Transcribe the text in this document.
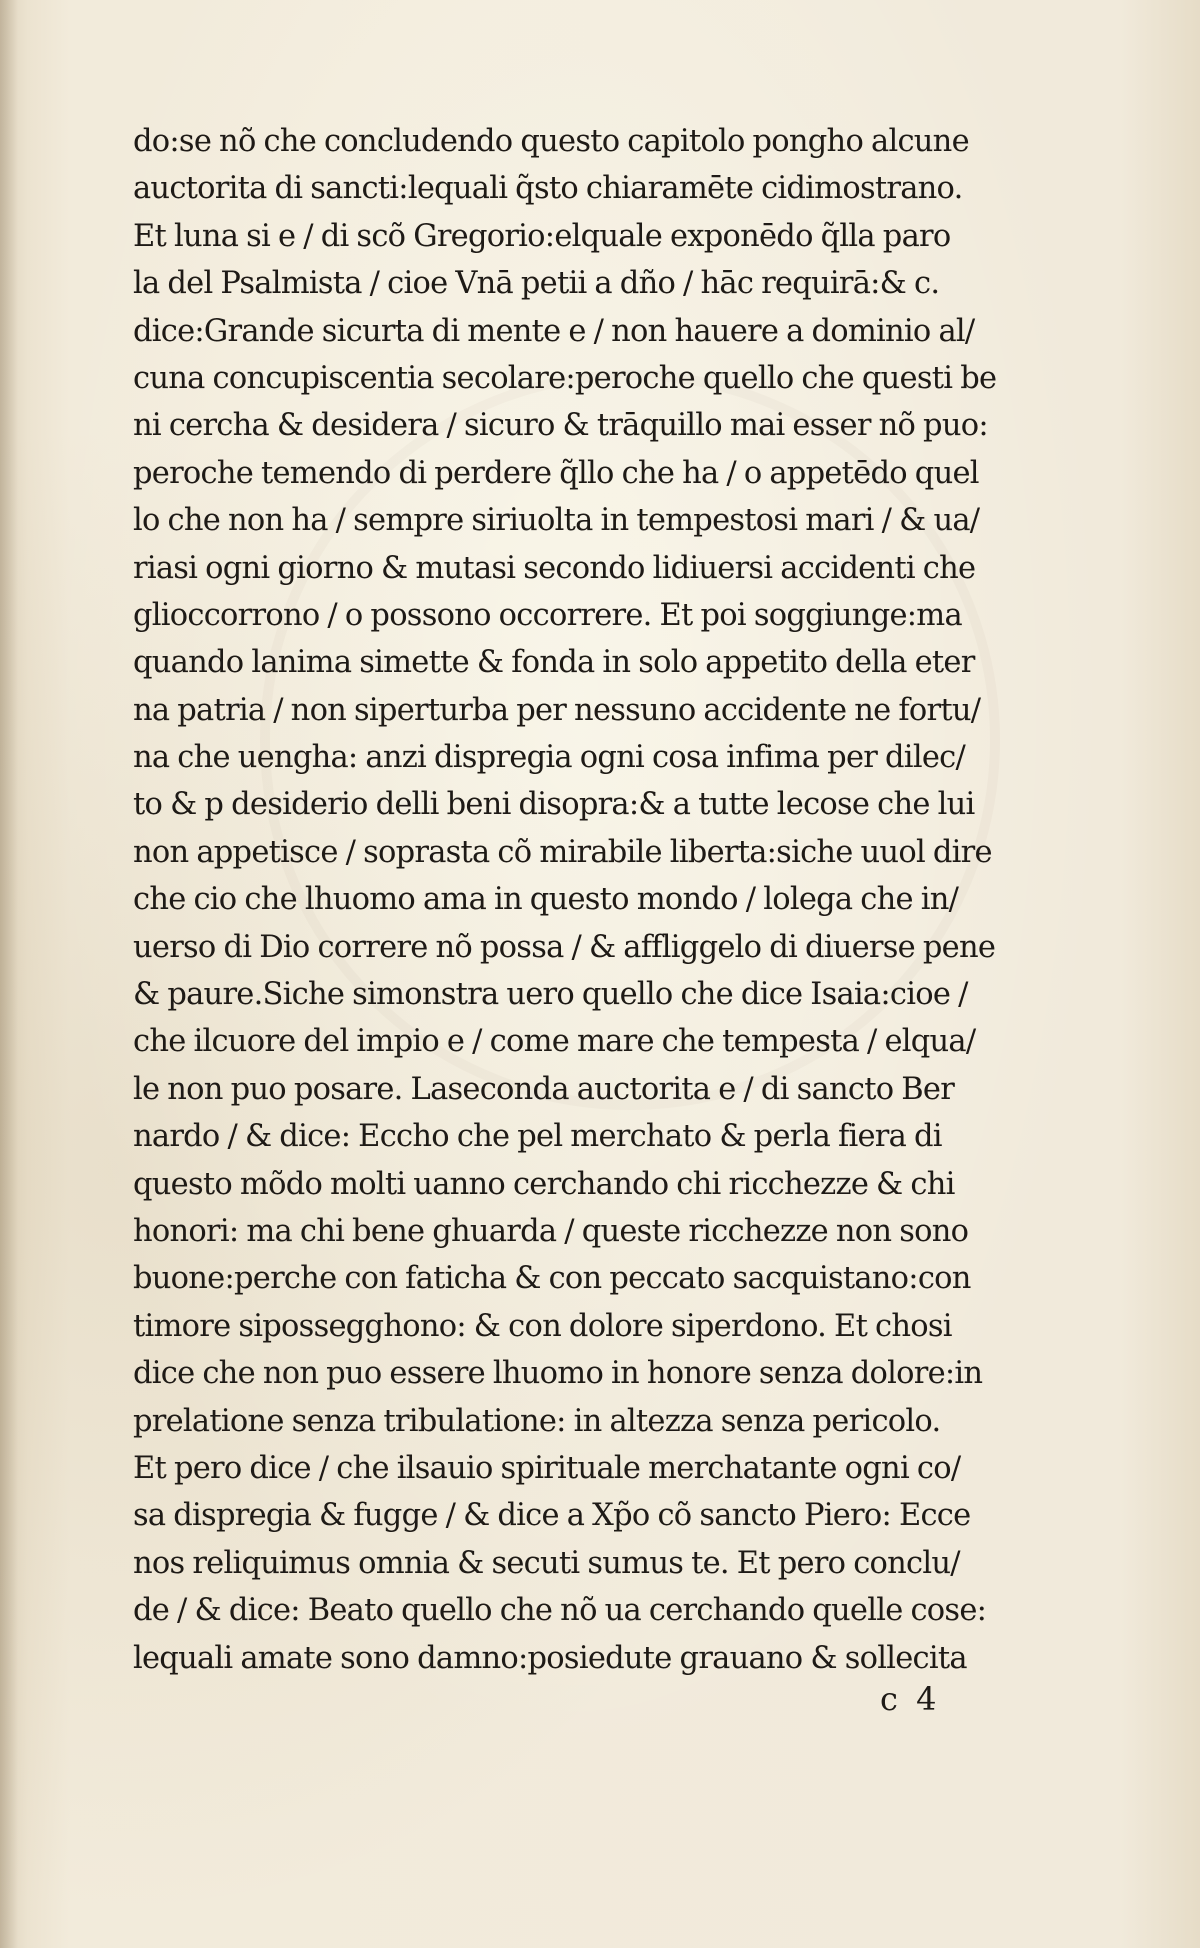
do:se nõ che concludendo questo capitolo pongho alcune
auctorita di sancti:lequali q̃sto chiaramēte cidimostrano.
Et luna si e / di scõ Gregorio:elquale exponēdo q̃lla paro
la del Psalmista / cioe Vnā petii a dño / hāc requirā:& c.
dice:Grande sicurta di mente e / non hauere a dominio al/
cuna concupiscentia secolare:peroche quello che questi be
ni cercha & desidera / sicuro & trāquillo mai esser nõ puo:
peroche temendo di perdere q̃llo che ha / o appetēdo quel
lo che non ha / sempre siriuolta in tempestosi mari / & ua/
riasi ogni giorno & mutasi secondo lidiuersi accidenti che
glioccorrono / o possono occorrere. Et poi soggiunge:ma
quando lanima simette & fonda in solo appetito della eter
na patria / non siperturba per nessuno accidente ne fortu/
na che uengha: anzi dispregia ogni cosa infima per dilec/
to & p desiderio delli beni disopra:& a tutte lecose che lui
non appetisce / soprasta cõ mirabile liberta:siche uuol dire
che cio che lhuomo ama in questo mondo / lolega che in/
uerso di Dio correre nõ possa / & affliggelo di diuerse pene
& paure.Siche simonstra uero quello che dice Isaia:cioe /
che ilcuore del impio e / come mare che tempesta / elqua/
le non puo posare. Laseconda auctorita e / di sancto Ber
nardo / & dice: Eccho che pel merchato & perla fiera di
questo mõdo molti uanno cerchando chi ricchezze & chi
honori: ma chi bene ghuarda / queste ricchezze non sono
buone:perche con faticha & con peccato sacquistano:con
timore sipossegghono: & con dolore siperdono. Et chosi
dice che non puo essere lhuomo in honore senza dolore:in
prelatione senza tribulatione: in altezza senza pericolo.
Et pero dice / che ilsauio spirituale merchatante ogni co/
sa dispregia & fugge / & dice a Xp̃o cõ sancto Piero: Ecce
nos reliquimus omnia & secuti sumus te. Et pero conclu/
de / & dice: Beato quello che nõ ua cerchando quelle cose:
lequali amate sono damno:posiedute grauano & sollecita
c 4
